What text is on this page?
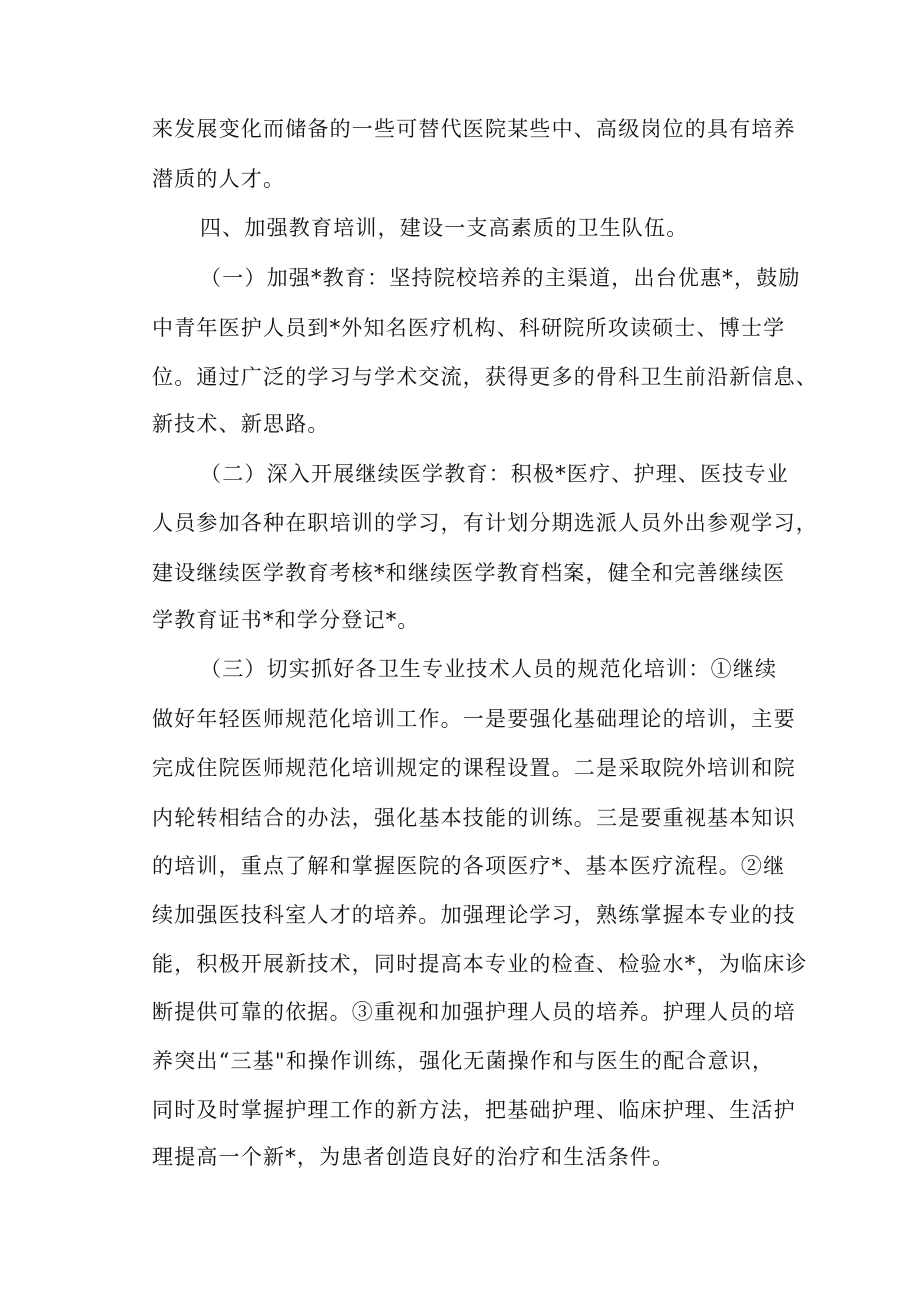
来发展变化而储备的一些可替代医院某些中、高级岗位的具有培养
潜质的人才。
四、加强教育培训，建设一支高素质的卫生队伍。
（一）加强*教育：坚持院校培养的主渠道，出台优惠*，鼓励
中青年医护人员到*外知名医疗机构、科研院所攻读硕士、博士学
位。通过广泛的学习与学术交流，获得更多的骨科卫生前沿新信息、
新技术、新思路。
（二）深入开展继续医学教育：积极*医疗、护理、医技专业
人员参加各种在职培训的学习，有计划分期选派人员外出参观学习，
建设继续医学教育考核*和继续医学教育档案，健全和完善继续医
学教育证书*和学分登记*。
（三）切实抓好各卫生专业技术人员的规范化培训：①继续
做好年轻医师规范化培训工作。一是要强化基础理论的培训，主要
完成住院医师规范化培训规定的课程设置。二是采取院外培训和院
内轮转相结合的办法，强化基本技能的训练。三是要重视基本知识
的培训，重点了解和掌握医院的各项医疗*、基本医疗流程。②继
续加强医技科室人才的培养。加强理论学习，熟练掌握本专业的技
能，积极开展新技术，同时提高本专业的检查、检验水*，为临床诊
断提供可靠的依据。③重视和加强护理人员的培养。护理人员的培
养突出“三基"和操作训练，强化无菌操作和与医生的配合意识，
同时及时掌握护理工作的新方法，把基础护理、临床护理、生活护
理提高一个新*，为患者创造良好的治疗和生活条件。
